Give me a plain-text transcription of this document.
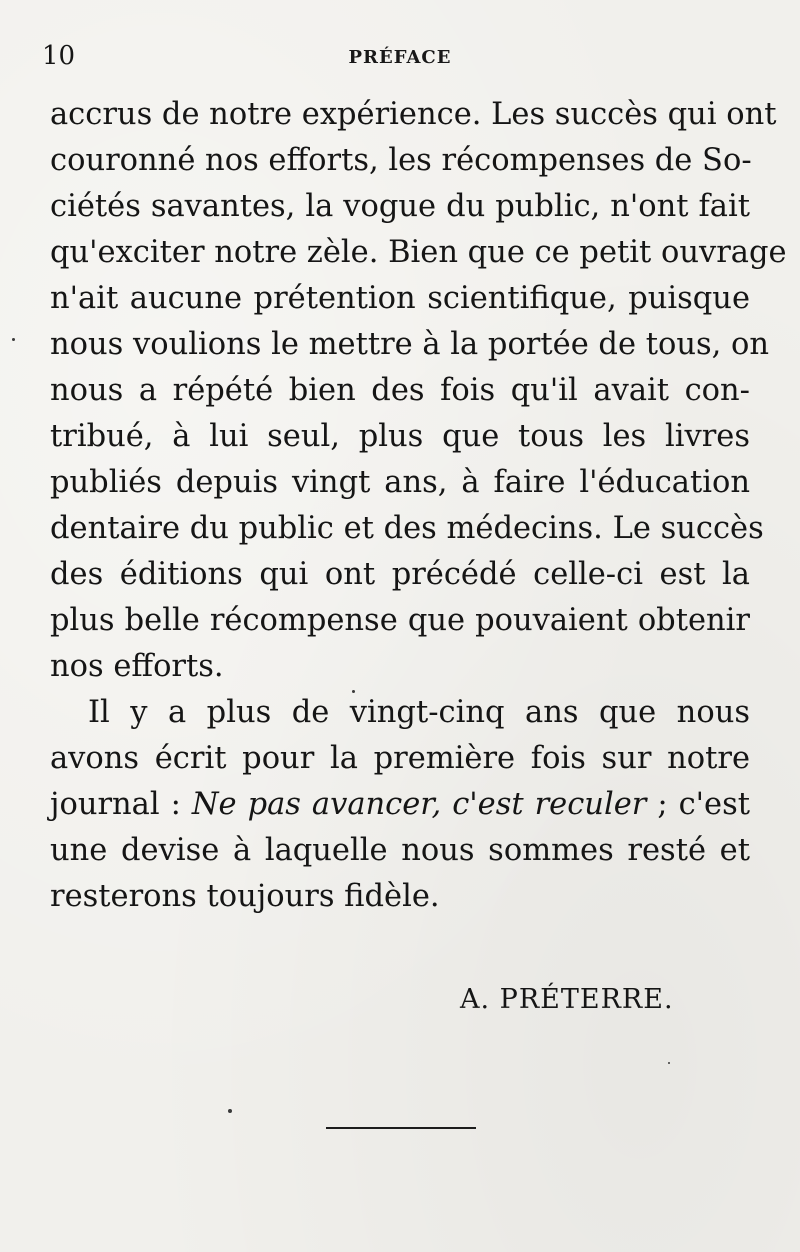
10	PRÉFACE
accrus de notre expérience. Les succès qui ont
couronné nos efforts, les récompenses de So-
ciétés savantes, la vogue du public, n'ont fait
qu'exciter notre zèle. Bien que ce petit ouvrage
n'ait aucune prétention scientifique, puisque
nous voulions le mettre à la portée de tous, on
nous a répété bien des fois qu'il avait con-
tribué, à lui seul, plus que tous les livres
publiés depuis vingt ans, à faire l'éducation
dentaire du public et des médecins. Le succès
des éditions qui ont précédé celle-ci est la
plus belle récompense que pouvaient obtenir
nos efforts.
Il y a plus de vingt-cinq ans que nous
avons écrit pour la première fois sur notre
journal : Ne pas avancer, c'est reculer ; c'est
une devise à laquelle nous sommes resté et
resterons toujours fidèle.
A. PRÉTERRE.
